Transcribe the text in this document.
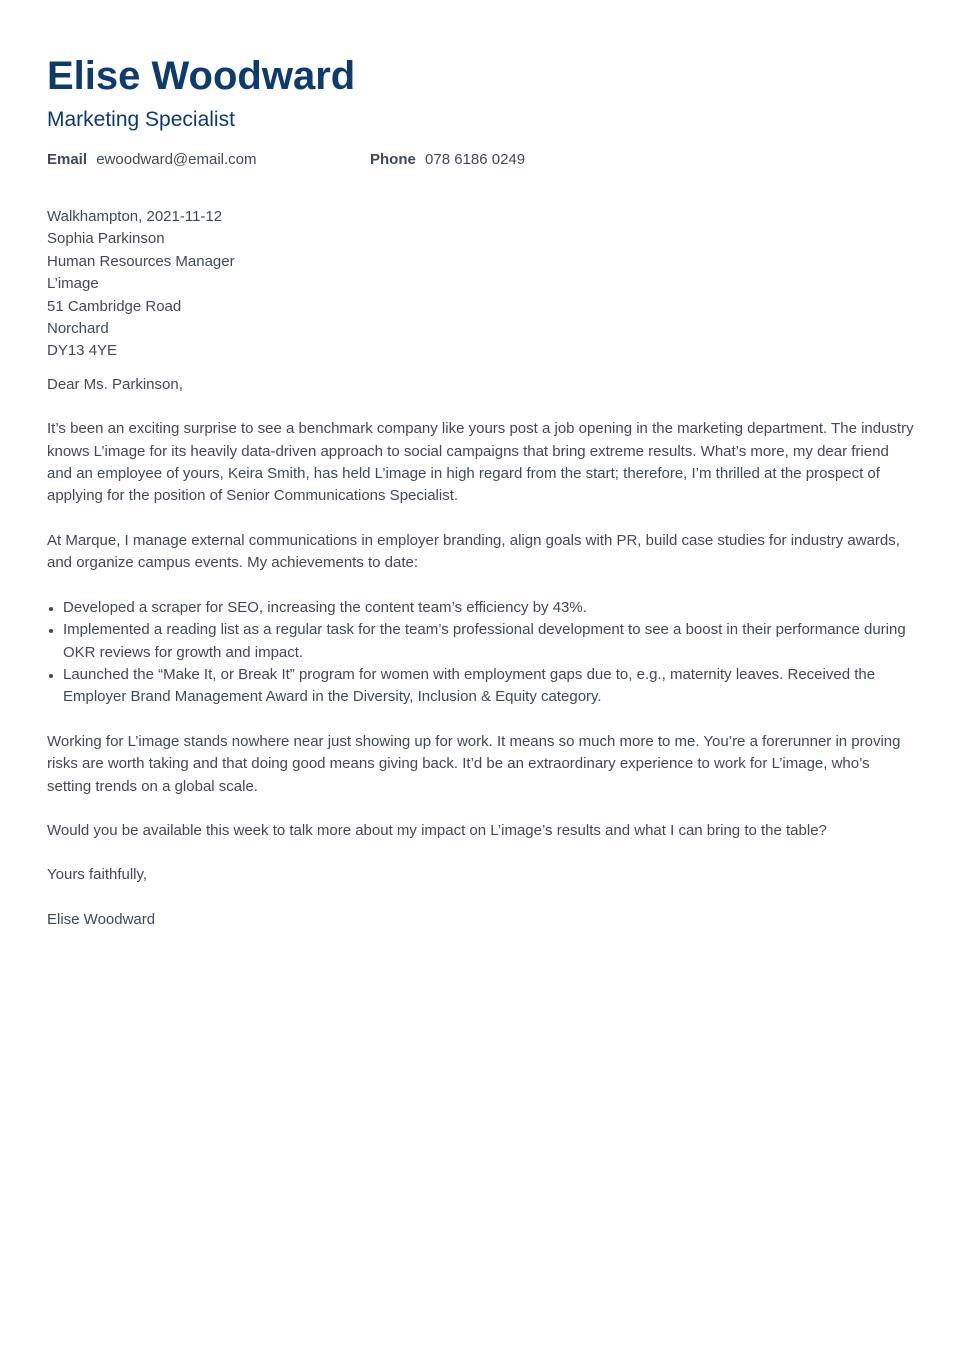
Elise Woodward
Marketing Specialist
Email ewoodward@email.com	Phone 078 6186 0249
Walkhampton, 2021-11-12
Sophia Parkinson
Human Resources Manager
L’image
51 Cambridge Road
Norchard
DY13 4YE
Dear Ms. Parkinson,

It’s been an exciting surprise to see a benchmark company like yours post a job opening in the marketing department. The industry knows L’image for its heavily data-driven approach to social campaigns that bring extreme results. What’s more, my dear friend and an employee of yours, Keira Smith, has held L’image in high regard from the start; therefore, I’m thrilled at the prospect of applying for the position of Senior Communications Specialist.

At Marque, I manage external communications in employer branding, align goals with PR, build case studies for industry awards, and organize campus events. My achievements to date:

• Developed a scraper for SEO, increasing the content team’s efficiency by 43%.
• Implemented a reading list as a regular task for the team’s professional development to see a boost in their performance during OKR reviews for growth and impact.
• Launched the “Make It, or Break It” program for women with employment gaps due to, e.g., maternity leaves. Received the Employer Brand Management Award in the Diversity, Inclusion & Equity category.

Working for L’image stands nowhere near just showing up for work. It means so much more to me. You’re a forerunner in proving risks are worth taking and that doing good means giving back. It’d be an extraordinary experience to work for L’image, who’s setting trends on a global scale.

Would you be available this week to talk more about my impact on L’image’s results and what I can bring to the table?

Yours faithfully,

Elise Woodward
